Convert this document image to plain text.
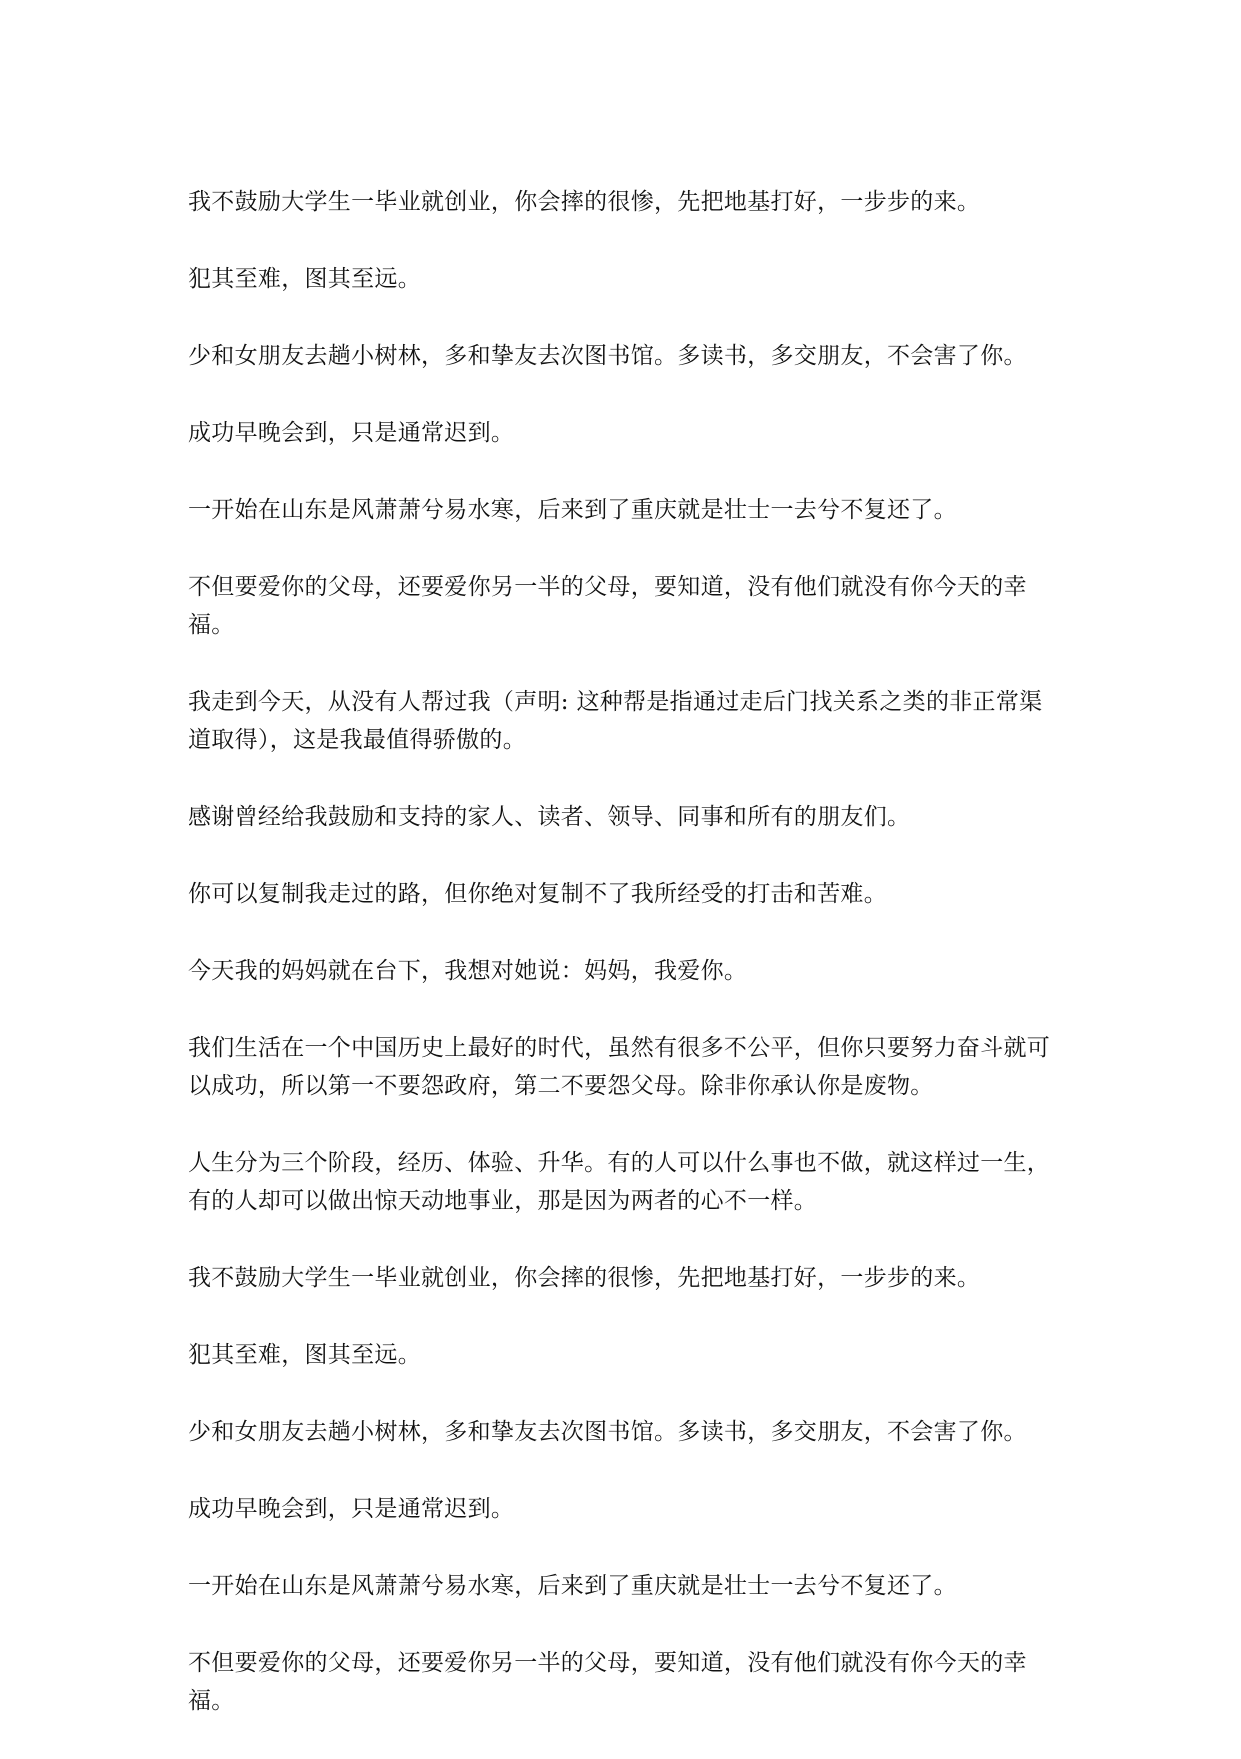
我不鼓励大学生一毕业就创业，你会摔的很惨，先把地基打好，一步步的来。

犯其至难，图其至远。

少和女朋友去趟小树林，多和挚友去次图书馆。多读书，多交朋友，不会害了你。

成功早晚会到，只是通常迟到。

一开始在山东是风萧萧兮易水寒，后来到了重庆就是壮士一去兮不复还了。

不但要爱你的父母，还要爱你另一半的父母，要知道，没有他们就没有你今天的幸福。

我走到今天，从没有人帮过我（声明: 这种帮是指通过走后门找关系之类的非正常渠道取得），这是我最值得骄傲的。

感谢曾经给我鼓励和支持的家人、读者、领导、同事和所有的朋友们。

你可以复制我走过的路，但你绝对复制不了我所经受的打击和苦难。

今天我的妈妈就在台下，我想对她说：妈妈，我爱你。

我们生活在一个中国历史上最好的时代，虽然有很多不公平，但你只要努力奋斗就可以成功，所以第一不要怨政府，第二不要怨父母。除非你承认你是废物。

人生分为三个阶段，经历、体验、升华。有的人可以什么事也不做，就这样过一生，有的人却可以做出惊天动地事业，那是因为两者的心不一样。

我不鼓励大学生一毕业就创业，你会摔的很惨，先把地基打好，一步步的来。

犯其至难，图其至远。

少和女朋友去趟小树林，多和挚友去次图书馆。多读书，多交朋友，不会害了你。

成功早晚会到，只是通常迟到。

一开始在山东是风萧萧兮易水寒，后来到了重庆就是壮士一去兮不复还了。

不但要爱你的父母，还要爱你另一半的父母，要知道，没有他们就没有你今天的幸福。
